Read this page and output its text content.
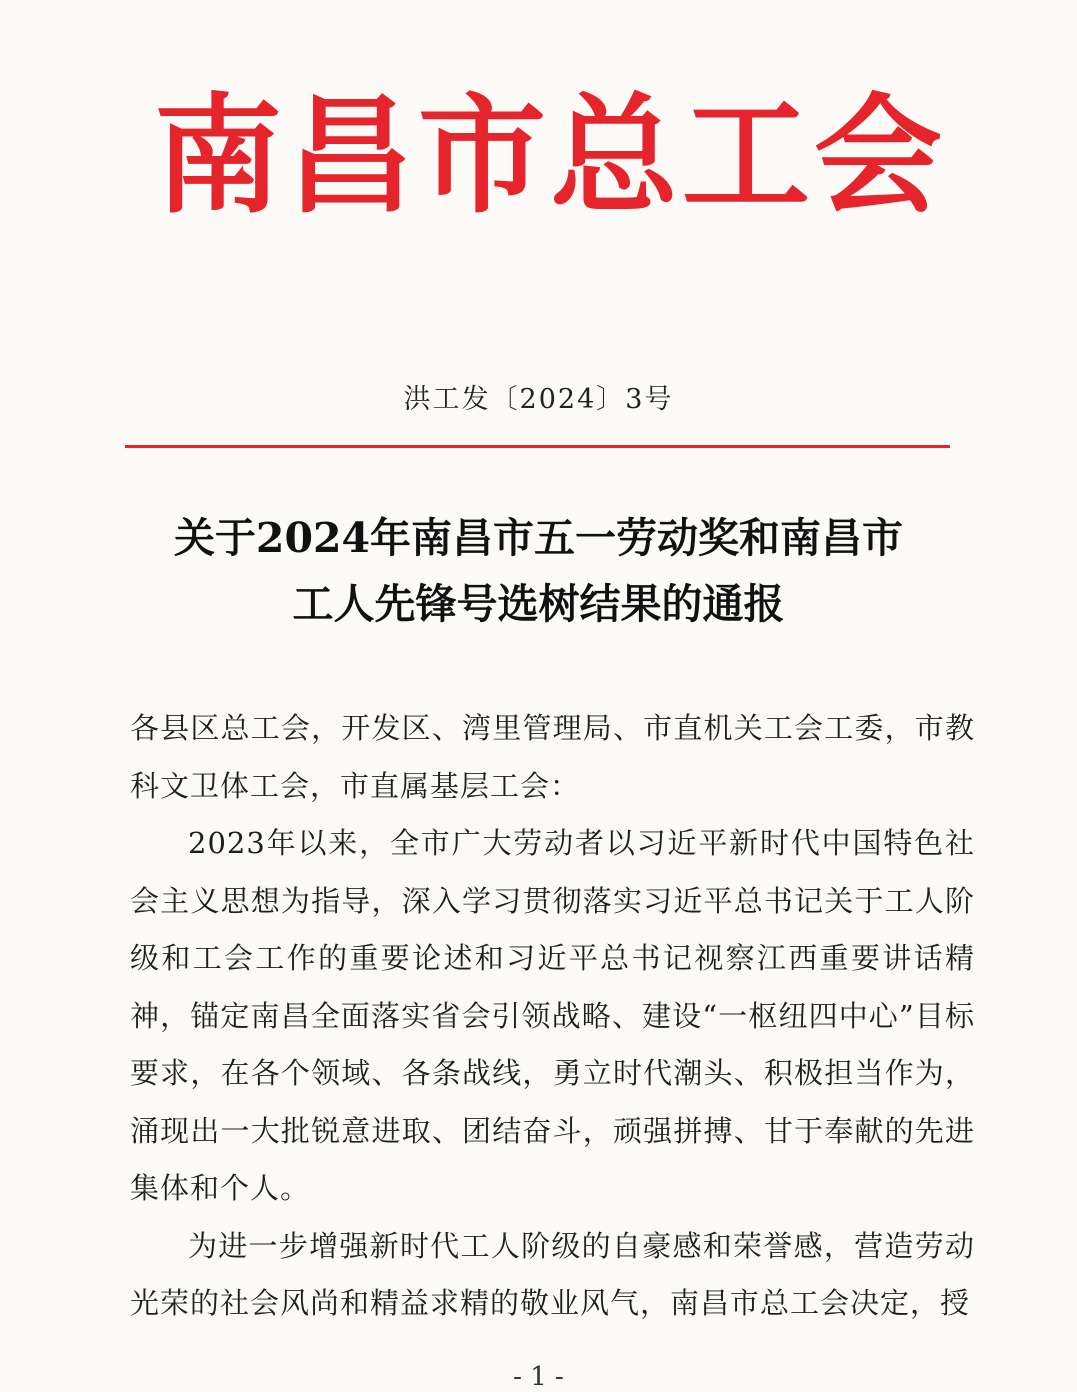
南昌市总工会
洪工发〔2024〕3号
关于2024年南昌市五一劳动奖和南昌市
工人先锋号选树结果的通报

各县区总工会，开发区、湾里管理局、市直机关工会工委，市教科文卫体工会，市直属基层工会：

2023年以来，全市广大劳动者以习近平新时代中国特色社会主义思想为指导，深入学习贯彻落实习近平总书记关于工人阶级和工会工作的重要论述和习近平总书记视察江西重要讲话精神，锚定南昌全面落实省会引领战略、建设“一枢纽四中心”目标要求，在各个领域、各条战线，勇立时代潮头、积极担当作为，涌现出一大批锐意进取、团结奋斗，顽强拼搏、甘于奉献的先进集体和个人。

为进一步增强新时代工人阶级的自豪感和荣誉感，营造劳动光荣的社会风尚和精益求精的敬业风气，南昌市总工会决定，授

- 1 -
